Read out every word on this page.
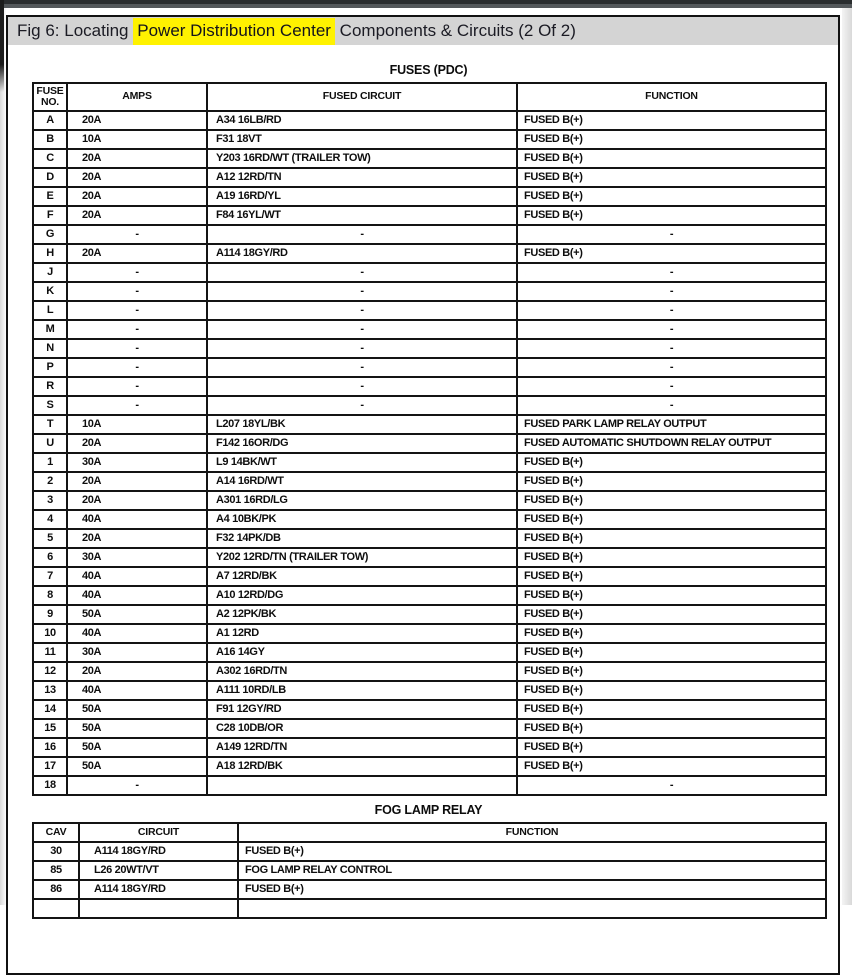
Fig 6: Locating Power Distribution Center Components & Circuits (2 Of 2)
FUSES (PDC)
FUSE NO.	AMPS	FUSED CIRCUIT	FUNCTION
A	20A	A34 16LB/RD	FUSED B(+)
B	10A	F31 18VT	FUSED B(+)
C	20A	Y203 16RD/WT (TRAILER TOW)	FUSED B(+)
D	20A	A12 12RD/TN	FUSED B(+)
E	20A	A19 16RD/YL	FUSED B(+)
F	20A	F84 16YL/WT	FUSED B(+)
G	-	-	-
H	20A	A114 18GY/RD	FUSED B(+)
J	-	-	-
K	-	-	-
L	-	-	-
M	-	-	-
N	-	-	-
P	-	-	-
R	-	-	-
S	-	-	-
T	10A	L207 18YL/BK	FUSED PARK LAMP RELAY OUTPUT
U	20A	F142 16OR/DG	FUSED AUTOMATIC SHUTDOWN RELAY OUTPUT
1	30A	L9 14BK/WT	FUSED B(+)
2	20A	A14 16RD/WT	FUSED B(+)
3	20A	A301 16RD/LG	FUSED B(+)
4	40A	A4 10BK/PK	FUSED B(+)
5	20A	F32 14PK/DB	FUSED B(+)
6	30A	Y202 12RD/TN (TRAILER TOW)	FUSED B(+)
7	40A	A7 12RD/BK	FUSED B(+)
8	40A	A10 12RD/DG	FUSED B(+)
9	50A	A2 12PK/BK	FUSED B(+)
10	40A	A1 12RD	FUSED B(+)
11	30A	A16 14GY	FUSED B(+)
12	20A	A302 16RD/TN	FUSED B(+)
13	40A	A111 10RD/LB	FUSED B(+)
14	50A	F91 12GY/RD	FUSED B(+)
15	50A	C28 10DB/OR	FUSED B(+)
16	50A	A149 12RD/TN	FUSED B(+)
17	50A	A18 12RD/BK	FUSED B(+)
18	-		-
FOG LAMP RELAY
CAV	CIRCUIT	FUNCTION
30	A114 18GY/RD	FUSED B(+)
85	L26 20WT/VT	FOG LAMP RELAY CONTROL
86	A114 18GY/RD	FUSED B(+)
